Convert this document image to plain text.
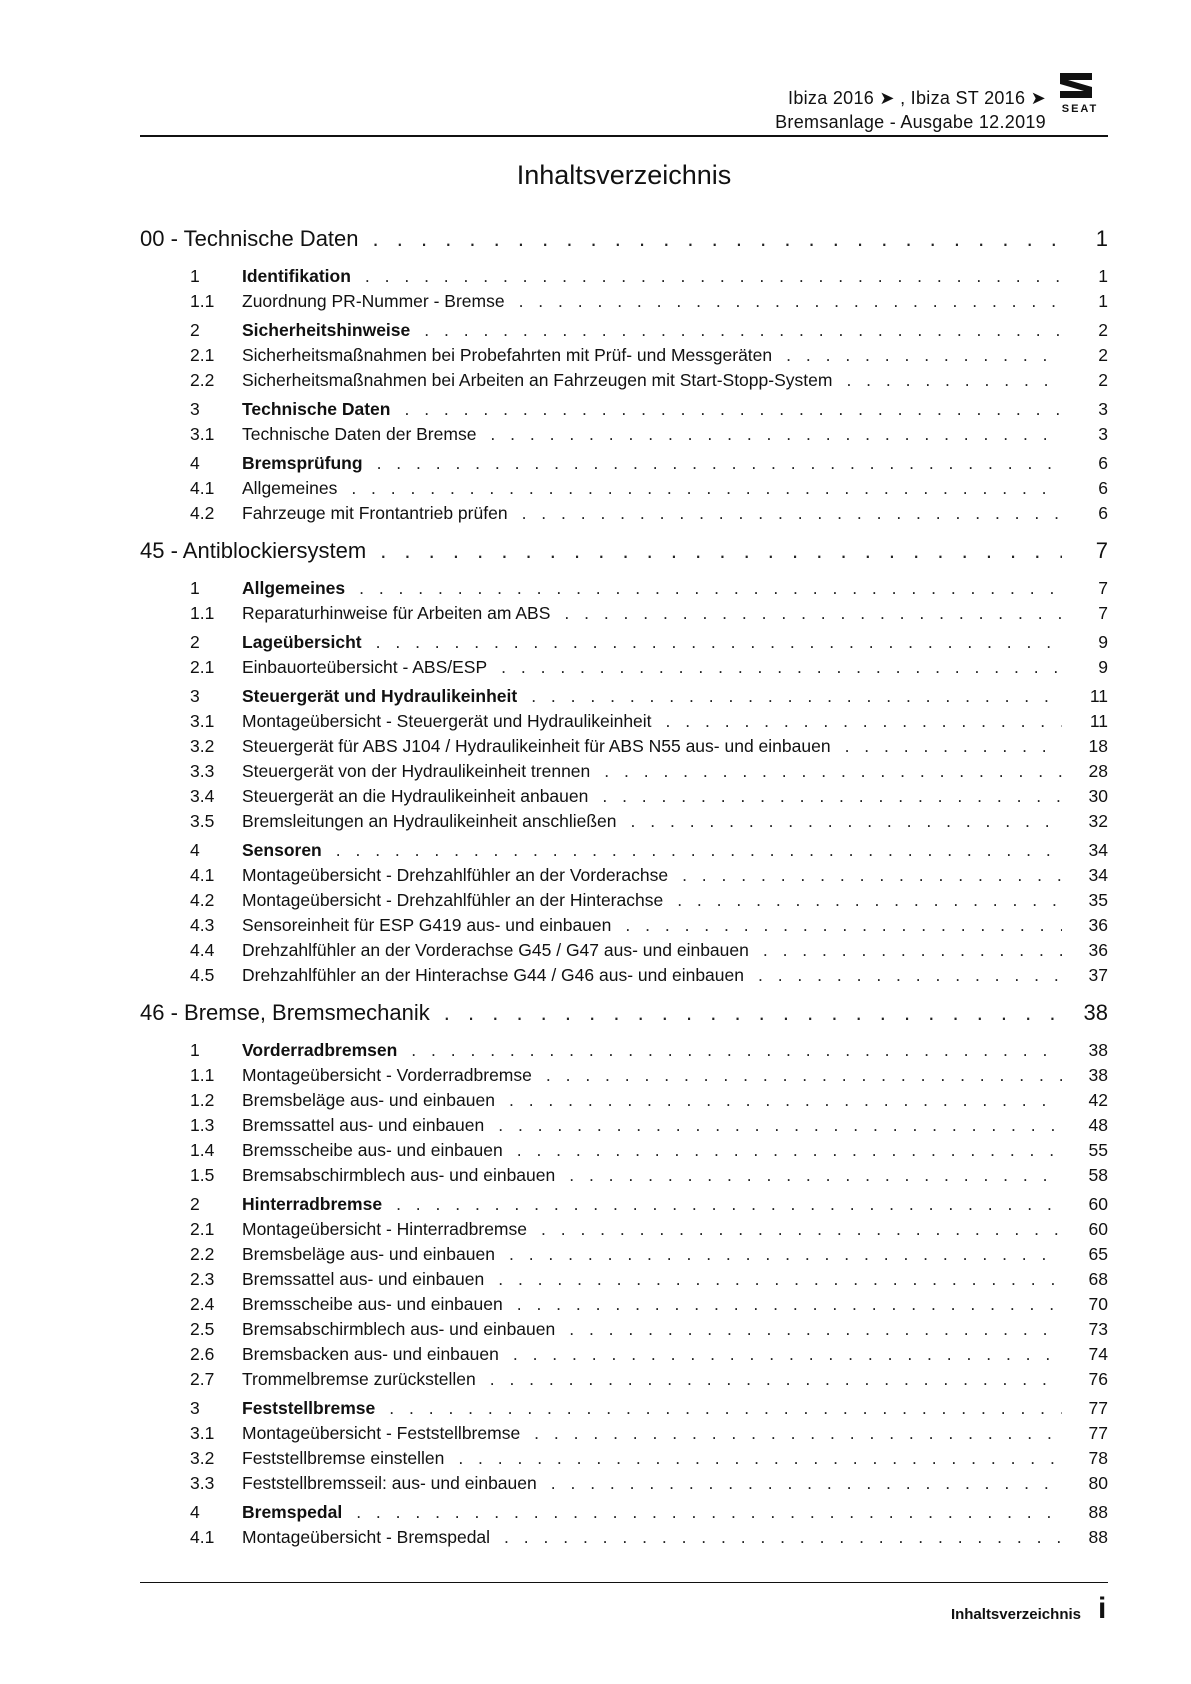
Ibiza 2016 ➤ , Ibiza ST 2016 ➤
Bremsanlage - Ausgabe 12.2019
SEAT
Inhaltsverzeichnis
00 - Technische Daten . . .	1
1	Identifikation . . .	1
1.1	Zuordnung PR-Nummer - Bremse . . .	1
2	Sicherheitshinweise . . .	2
2.1	Sicherheitsmaßnahmen bei Probefahrten mit Prüf- und Messgeräten . . .	2
2.2	Sicherheitsmaßnahmen bei Arbeiten an Fahrzeugen mit Start-Stopp-System . . .	2
3	Technische Daten . . .	3
3.1	Technische Daten der Bremse . . .	3
4	Bremsprüfung . . .	6
4.1	Allgemeines . . .	6
4.2	Fahrzeuge mit Frontantrieb prüfen . . .	6
45 - Antiblockiersystem . . .	7
1	Allgemeines . . .	7
1.1	Reparaturhinweise für Arbeiten am ABS . . .	7
2	Lageübersicht . . .	9
2.1	Einbauorteübersicht - ABS/ESP . . .	9
3	Steuergerät und Hydraulikeinheit . . .	11
3.1	Montageübersicht - Steuergerät und Hydraulikeinheit . . .	11
3.2	Steuergerät für ABS J104 / Hydraulikeinheit für ABS N55 aus- und einbauen . . .	18
3.3	Steuergerät von der Hydraulikeinheit trennen . . .	28
3.4	Steuergerät an die Hydraulikeinheit anbauen . . .	30
3.5	Bremsleitungen an Hydraulikeinheit anschließen . . .	32
4	Sensoren . . .	34
4.1	Montageübersicht - Drehzahlfühler an der Vorderachse . . .	34
4.2	Montageübersicht - Drehzahlfühler an der Hinterachse . . .	35
4.3	Sensoreinheit für ESP G419 aus- und einbauen . . .	36
4.4	Drehzahlfühler an der Vorderachse G45 / G47 aus- und einbauen . . .	36
4.5	Drehzahlfühler an der Hinterachse G44 / G46 aus- und einbauen . . .	37
46 - Bremse, Bremsmechanik . . .	38
1	Vorderradbremsen . . .	38
1.1	Montageübersicht - Vorderradbremse . . .	38
1.2	Bremsbeläge aus- und einbauen . . .	42
1.3	Bremssattel aus- und einbauen . . .	48
1.4	Bremsscheibe aus- und einbauen . . .	55
1.5	Bremsabschirmblech aus- und einbauen . . .	58
2	Hinterradbremse . . .	60
2.1	Montageübersicht - Hinterradbremse . . .	60
2.2	Bremsbeläge aus- und einbauen . . .	65
2.3	Bremssattel aus- und einbauen . . .	68
2.4	Bremsscheibe aus- und einbauen . . .	70
2.5	Bremsabschirmblech aus- und einbauen . . .	73
2.6	Bremsbacken aus- und einbauen . . .	74
2.7	Trommelbremse zurückstellen . . .	76
3	Feststellbremse . . .	77
3.1	Montageübersicht - Feststellbremse . . .	77
3.2	Feststellbremse einstellen . . .	78
3.3	Feststellbremsseil: aus- und einbauen . . .	80
4	Bremspedal . . .	88
4.1	Montageübersicht - Bremspedal . . .	88
Inhaltsverzeichnis i
